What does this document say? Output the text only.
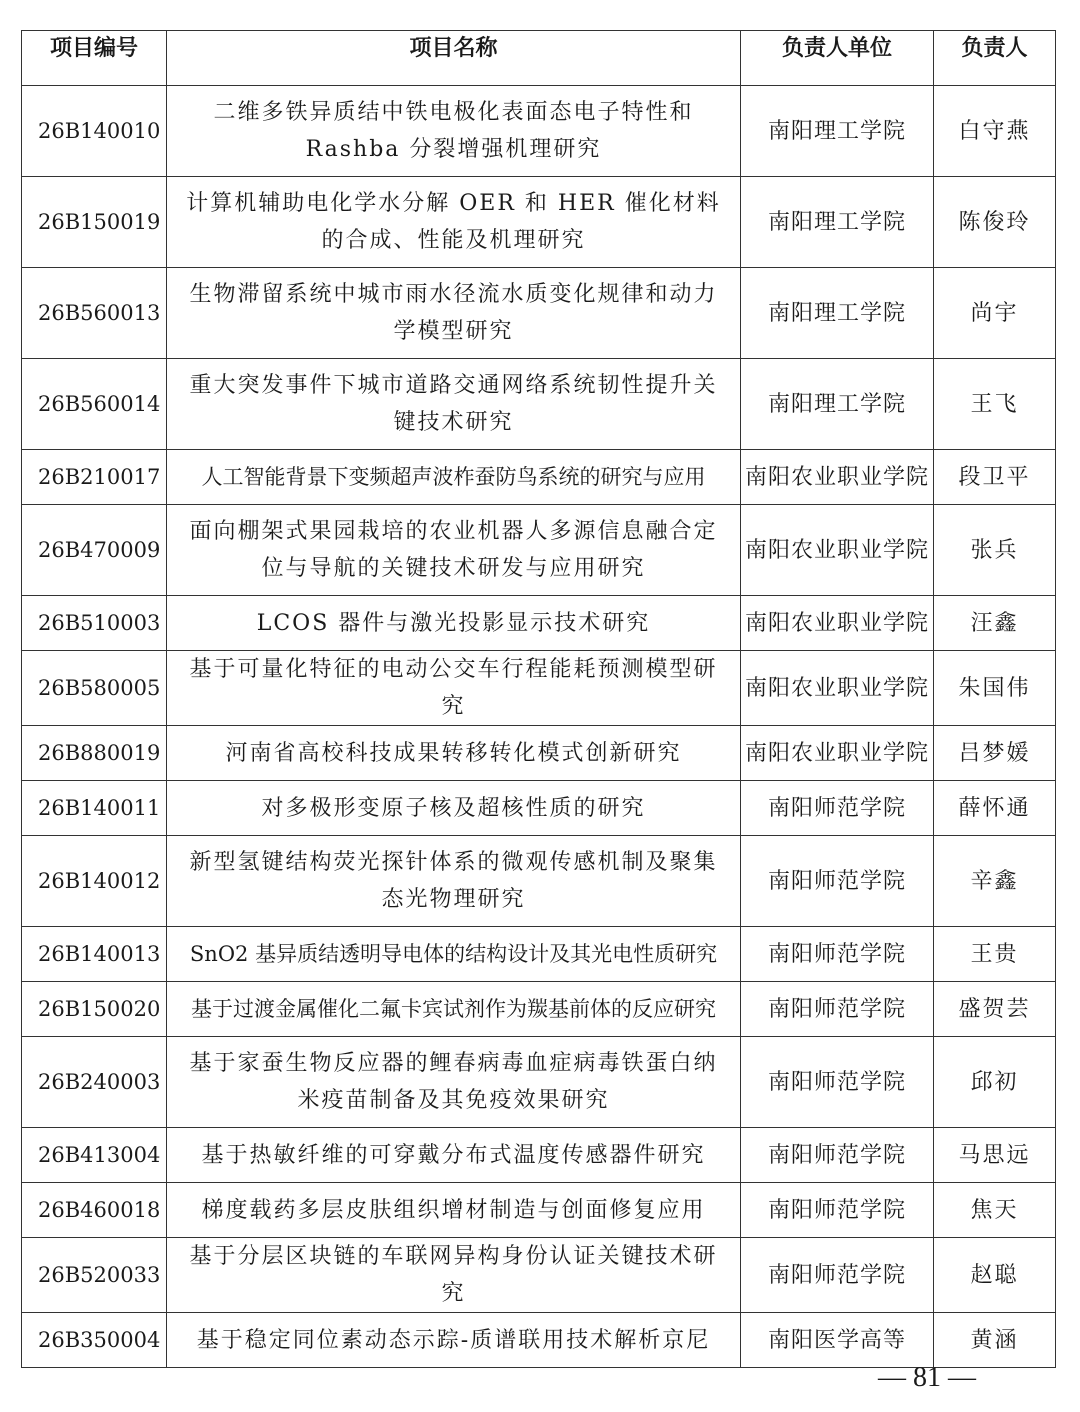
项目编号	项目名称	负责人单位	负责人
26B140010	二维多铁异质结中铁电极化表面态电子特性和Rashba 分裂增强机理研究	南阳理工学院	白守燕
26B150019	计算机辅助电化学水分解 OER 和 HER 催化材料的合成、性能及机理研究	南阳理工学院	陈俊玲
26B560013	生物滞留系统中城市雨水径流水质变化规律和动力学模型研究	南阳理工学院	尚宇
26B560014	重大突发事件下城市道路交通网络系统韧性提升关键技术研究	南阳理工学院	王飞
26B210017	人工智能背景下变频超声波柞蚕防鸟系统的研究与应用	南阳农业职业学院	段卫平
26B470009	面向棚架式果园栽培的农业机器人多源信息融合定位与导航的关键技术研发与应用研究	南阳农业职业学院	张兵
26B510003	LCOS 器件与激光投影显示技术研究	南阳农业职业学院	汪鑫
26B580005	基于可量化特征的电动公交车行程能耗预测模型研究	南阳农业职业学院	朱国伟
26B880019	河南省高校科技成果转移转化模式创新研究	南阳农业职业学院	吕梦媛
26B140011	对多极形变原子核及超核性质的研究	南阳师范学院	薛怀通
26B140012	新型氢键结构荧光探针体系的微观传感机制及聚集态光物理研究	南阳师范学院	辛鑫
26B140013	SnO2 基异质结透明导电体的结构设计及其光电性质研究	南阳师范学院	王贵
26B150020	基于过渡金属催化二氟卡宾试剂作为羰基前体的反应研究	南阳师范学院	盛贺芸
26B240003	基于家蚕生物反应器的鲤春病毒血症病毒铁蛋白纳米疫苗制备及其免疫效果研究	南阳师范学院	邱初
26B413004	基于热敏纤维的可穿戴分布式温度传感器件研究	南阳师范学院	马思远
26B460018	梯度载药多层皮肤组织增材制造与创面修复应用	南阳师范学院	焦天
26B520033	基于分层区块链的车联网异构身份认证关键技术研究	南阳师范学院	赵聪
26B350004	基于稳定同位素动态示踪-质谱联用技术解析京尼	南阳医学高等	黄涵
— 81 —
